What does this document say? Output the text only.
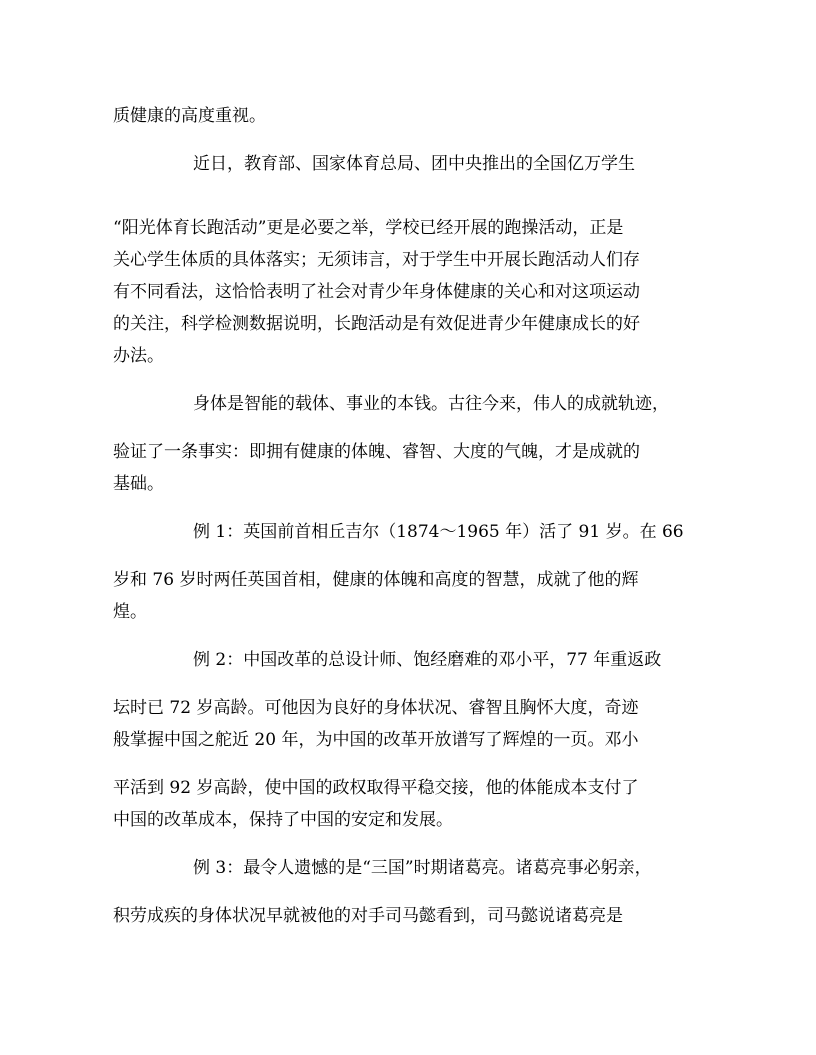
质健康的高度重视。
近日，教育部、国家体育总局、团中央推出的全国亿万学生
“阳光体育长跑活动”更是必要之举，学校已经开展的跑操活动，正是
关心学生体质的具体落实；无须讳言，对于学生中开展长跑活动人们存
有不同看法，这恰恰表明了社会对青少年身体健康的关心和对这项运动
的关注，科学检测数据说明，长跑活动是有效促进青少年健康成长的好
办法。
身体是智能的载体、事业的本钱。古往今来，伟人的成就轨迹，
验证了一条事实：即拥有健康的体魄、睿智、大度的气魄，才是成就的
基础。
例 1：英国前首相丘吉尔（1874～1965 年）活了 91 岁。在 66
岁和 76 岁时两任英国首相，健康的体魄和高度的智慧，成就了他的辉
煌。
例 2：中国改革的总设计师、饱经磨难的邓小平，77 年重返政
坛时已 72 岁高龄。可他因为良好的身体状况、睿智且胸怀大度，奇迹
般掌握中国之舵近 20 年，为中国的改革开放谱写了辉煌的一页。邓小
平活到 92 岁高龄，使中国的政权取得平稳交接，他的体能成本支付了
中国的改革成本，保持了中国的安定和发展。
例 3：最令人遗憾的是“三国”时期诸葛亮。诸葛亮事必躬亲，
积劳成疾的身体状况早就被他的对手司马懿看到，司马懿说诸葛亮是
